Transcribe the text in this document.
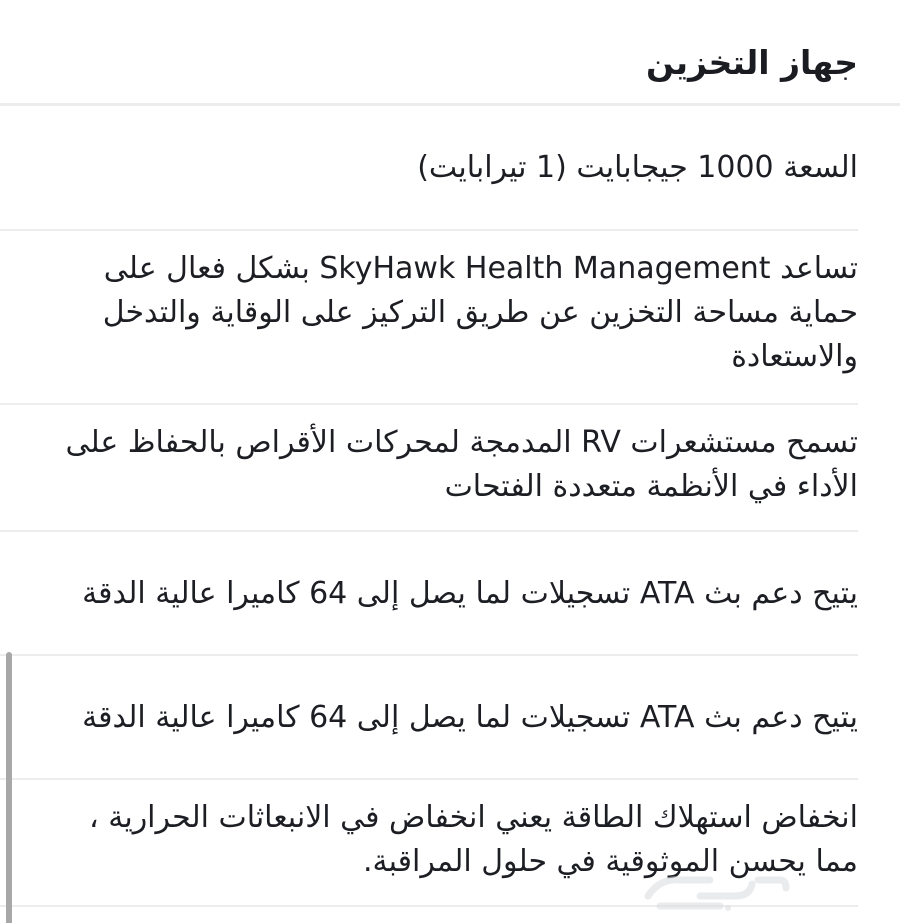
جهاز التخزين
السعة 1000 جيجابايت (1 تيرابايت)
تساعد SkyHawk Health Management بشكل فعال على حماية مساحة التخزين عن طريق التركيز على الوقاية والتدخل والاستعادة
تسمح مستشعرات RV المدمجة لمحركات الأقراص بالحفاظ على الأداء في الأنظمة متعددة الفتحات
يتيح دعم بث ATA تسجيلات لما يصل إلى 64 كاميرا عالية الدقة
يتيح دعم بث ATA تسجيلات لما يصل إلى 64 كاميرا عالية الدقة
انخفاض استهلاك الطاقة يعني انخفاض في الانبعاثات الحرارية ، مما يحسن الموثوقية في حلول المراقبة.
